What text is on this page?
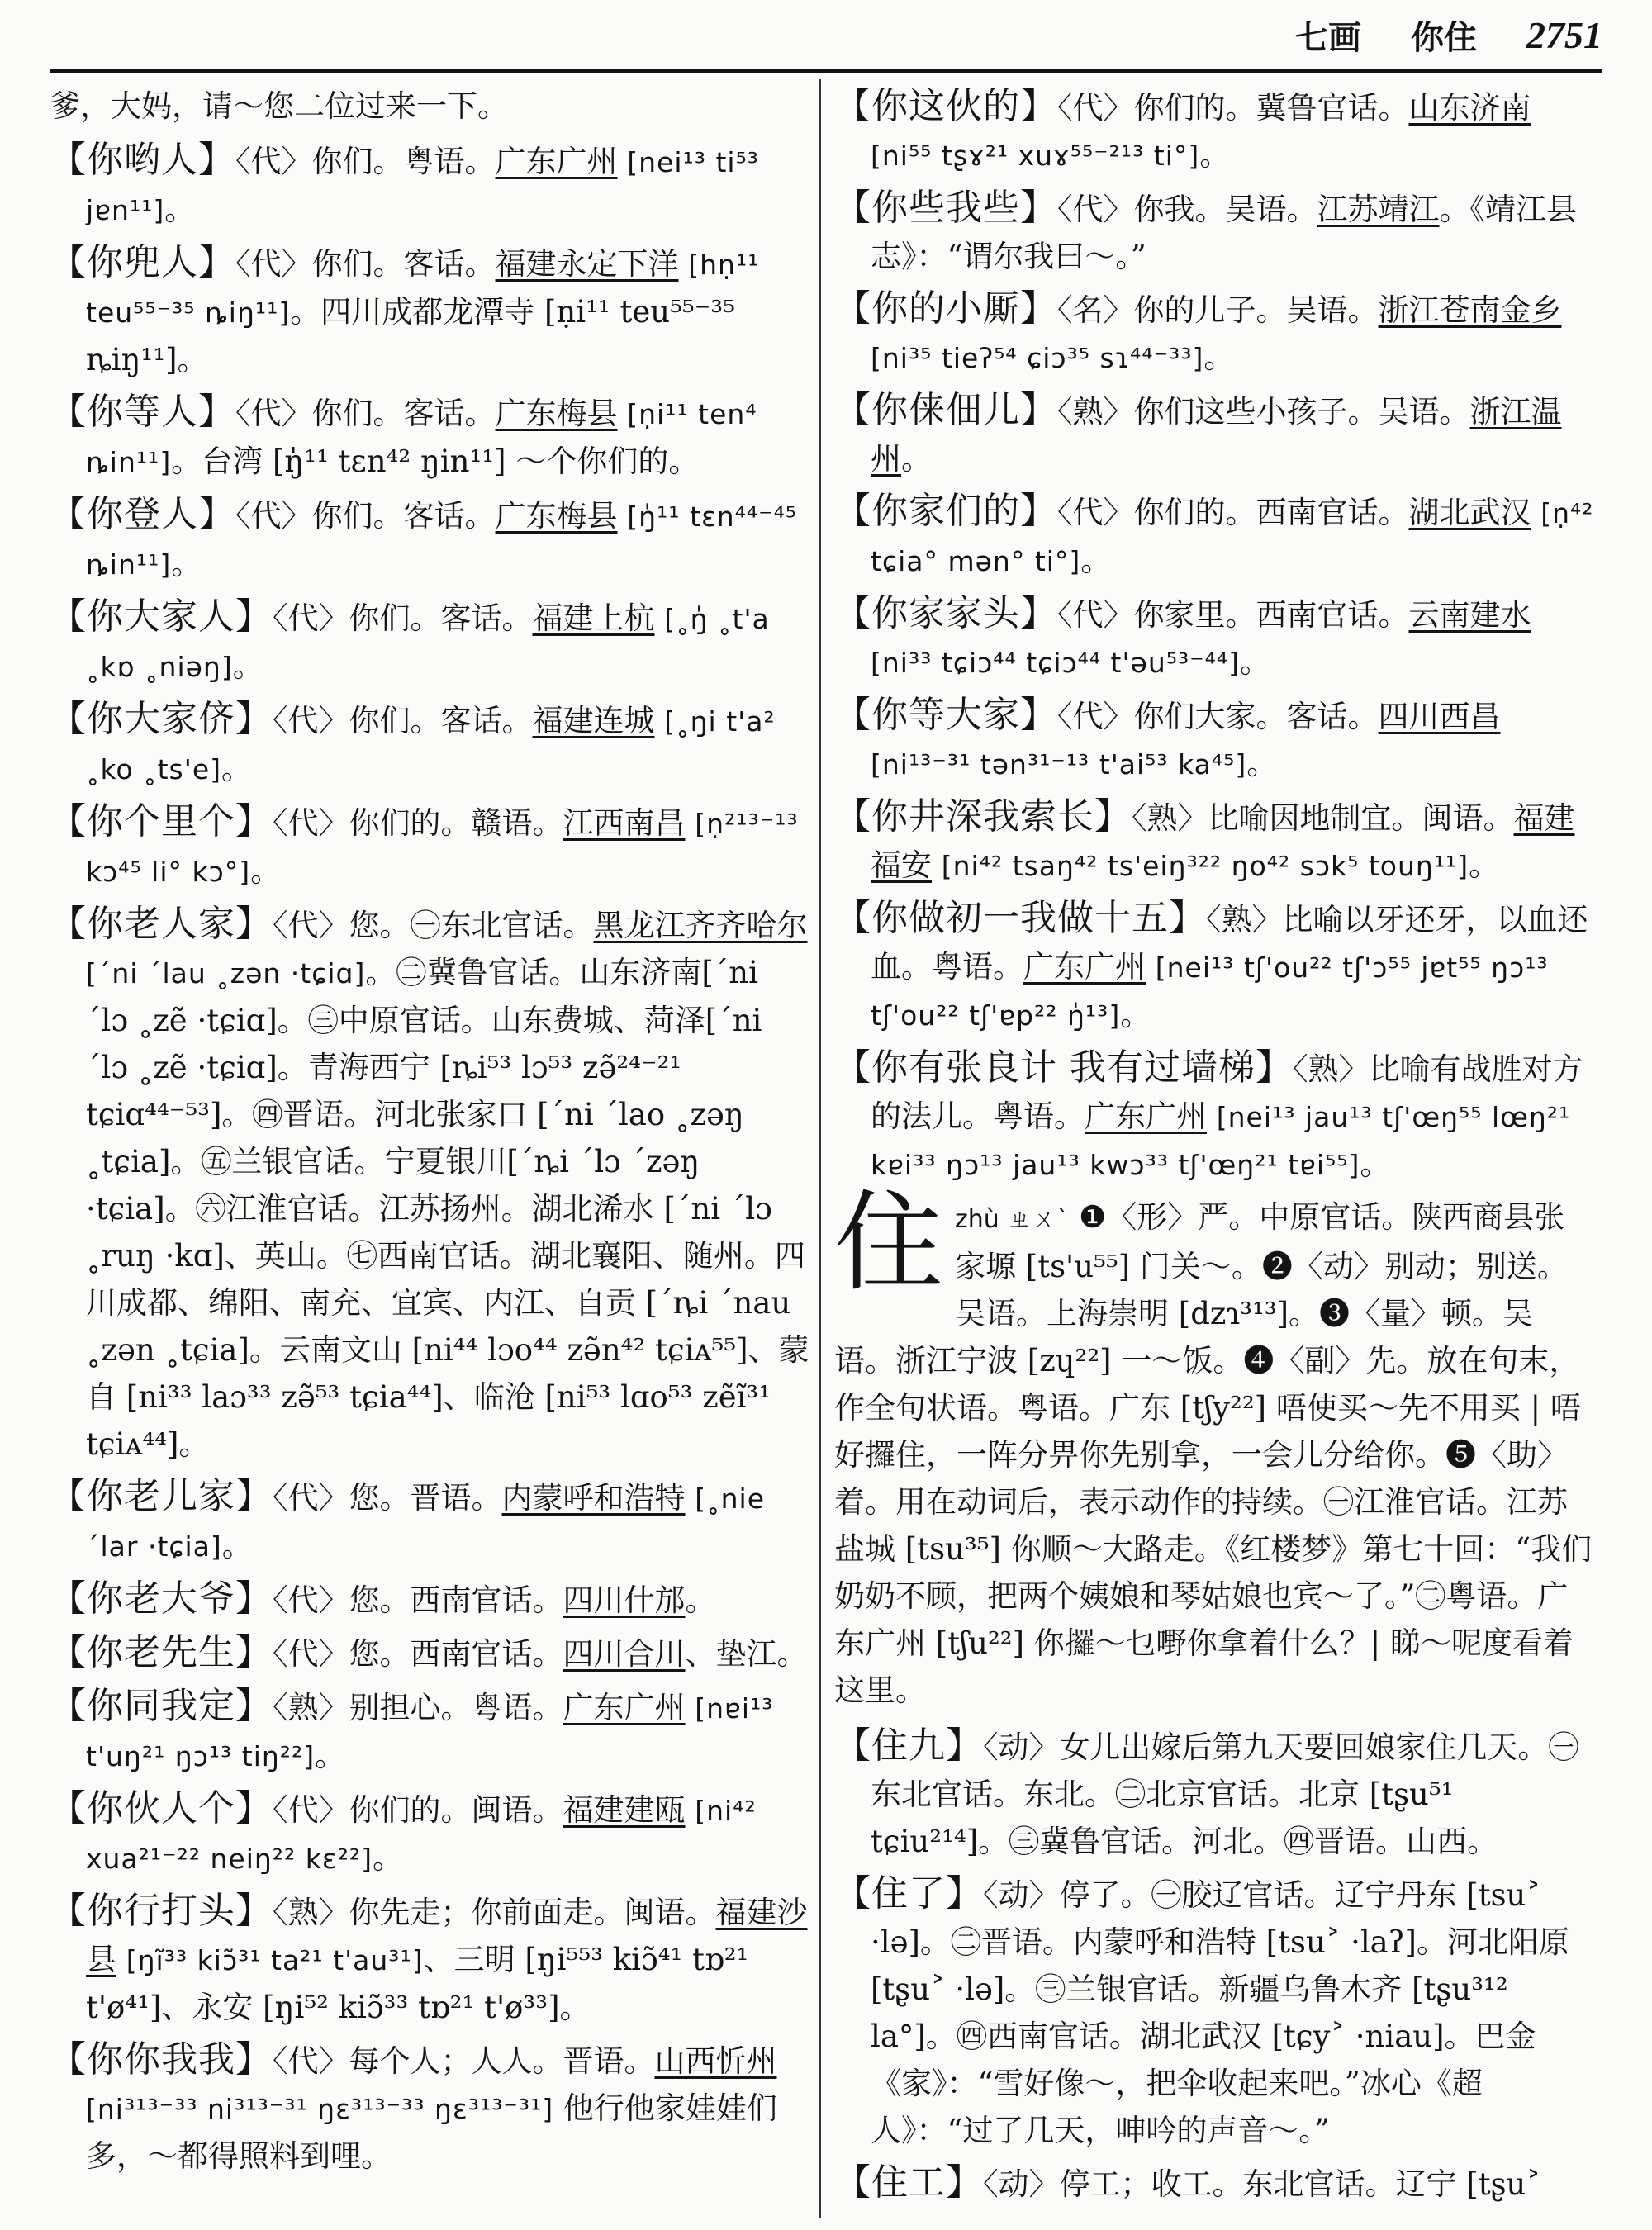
七画 你住 2751

爹，大妈，请～您二位过来一下。

【你哟人】〈代〉你们。粤语。广东广州 [nei¹³ ti⁵³ jɐn¹¹]。

【你兜人】〈代〉你们。客话。福建永定下洋 [hṇ¹¹ teu⁵⁵⁻³⁵ ȵiŋ¹¹]。四川成都龙潭寺 [ṇi¹¹ teu⁵⁵⁻³⁵ ȵiŋ¹¹]。

【你等人】〈代〉你们。客话。广东梅县 [ṇi¹¹ ten⁴ ȵin¹¹]。台湾 [ŋ̍¹¹ tɛn⁴² ŋin¹¹] ～个你们的。

【你登人】〈代〉你们。客话。广东梅县 [ŋ̍¹¹ tɛn⁴⁴⁻⁴⁵ ȵin¹¹]。

【你大家人】〈代〉你们。客话。福建上杭 [˳ŋ̍ ˳t'a ˳kɒ ˳niəŋ]。

【你大家侪】〈代〉你们。客话。福建连城 [˳ŋi t'a² ˳ko ˳ts'e]。

【你个里个】〈代〉你们的。赣语。江西南昌 [ṇ²¹³⁻¹³ kɔ⁴⁵ li° kɔ°]。

【你老人家】〈代〉您。㊀东北官话。黑龙江齐齐哈尔 [ˊni ˊlau ˳zən ·tɕiɑ]。㊁冀鲁官话。山东济南[ˊni ˊlɔ ˳zẽ ·tɕiɑ]。㊂中原官话。山东费城、菏泽[ˊni ˊlɔ ˳zẽ ·tɕiɑ]。青海西宁 [ȵi⁵³ lɔ⁵³ zə̃²⁴⁻²¹ tɕiɑ⁴⁴⁻⁵³]。㊃晋语。河北张家口 [ˊni ˊlao ˳zəŋ ˳tɕia]。㊄兰银官话。宁夏银川[ˊȵi ˊlɔ ˊzəŋ ·tɕia]。㊅江淮官话。江苏扬州。湖北浠水 [ˊni ˊlɔ ˳ruŋ ·kɑ]、英山。㊆西南官话。湖北襄阳、随州。四川成都、绵阳、南充、宜宾、内江、自贡 [ˊȵi ˊnau ˳zən ˳tɕia]。云南文山 [ni⁴⁴ lɔo⁴⁴ zə̃n⁴² tɕiᴀ⁵⁵]、蒙自 [ni³³ laɔ³³ zə̃⁵³ tɕia⁴⁴]、临沧 [ni⁵³ lɑo⁵³ zẽĩ³¹ tɕiᴀ⁴⁴]。

【你老儿家】〈代〉您。晋语。内蒙呼和浩特 [˳nie ˊlar ·tɕia]。

【你老大爷】〈代〉您。西南官话。四川什邡。

【你老先生】〈代〉您。西南官话。四川合川、垫江。

【你同我定】〈熟〉别担心。粤语。广东广州 [nɐi¹³ t'uŋ²¹ ŋɔ¹³ tiŋ²²]。

【你伙人个】〈代〉你们的。闽语。福建建瓯 [ni⁴² xua²¹⁻²² neiŋ²² kɛ²²]。

【你行打头】〈熟〉你先走；你前面走。闽语。福建沙县 [ŋĩ³³ kiɔ̃³¹ ta²¹ t'au³¹]、三明 [ŋi⁵⁵³ kiɔ̃⁴¹ tɒ²¹ t'ø⁴¹]、永安 [ŋi⁵² kiɔ̃³³ tɒ²¹ t'ø³³]。

【你你我我】〈代〉每个人；人人。晋语。山西忻州 [ni³¹³⁻³³ ni³¹³⁻³¹ ŋɛ³¹³⁻³³ ŋɛ³¹³⁻³¹] 他行他家娃娃们多，～都得照料到哩。

【你这伙的】〈代〉你们的。冀鲁官话。山东济南 [ni⁵⁵ tʂɤ²¹ xuɤ⁵⁵⁻²¹³ ti°]。

【你些我些】〈代〉你我。吴语。江苏靖江。《靖江县志》：“谓尔我曰～。”

【你的小厮】〈名〉你的儿子。吴语。浙江苍南金乡 [ni³⁵ tieʔ⁵⁴ ɕiɔ³⁵ sɿ⁴⁴⁻³³]。

【你俫佃儿】〈熟〉你们这些小孩子。吴语。浙江温州。

【你家们的】〈代〉你们的。西南官话。湖北武汉 [ṇ⁴² tɕia° mən° ti°]。

【你家家头】〈代〉你家里。西南官话。云南建水 [ni³³ tɕiɔ⁴⁴ tɕiɔ⁴⁴ t'əu⁵³⁻⁴⁴]。

【你等大家】〈代〉你们大家。客话。四川西昌 [ni¹³⁻³¹ tən³¹⁻¹³ t'ai⁵³ ka⁴⁵]。

【你井深我索长】〈熟〉比喻因地制宜。闽语。福建福安 [ni⁴² tsaŋ⁴² ts'eiŋ³²² ŋo⁴² sɔk⁵ touŋ¹¹]。

【你做初一我做十五】〈熟〉比喻以牙还牙，以血还血。粤语。广东广州 [nei¹³ tʃ'ou²² tʃ'ɔ⁵⁵ jɐt⁵⁵ ŋɔ¹³ tʃ'ou²² tʃ'ɐp²² ŋ̍¹³]。

【你有张良计 我有过墙梯】〈熟〉比喻有战胜对方的法儿。粤语。广东广州 [nei¹³ jau¹³ tʃ'œŋ⁵⁵ lœŋ²¹ kɐi³³ ŋɔ¹³ jau¹³ kwɔ³³ tʃ'œŋ²¹ tɐi⁵⁵]。

住 zhù ㄓㄨˋ ❶〈形〉严。中原官话。陕西商县张家塬 [ts'u⁵⁵] 门关～。❷〈动〉别动；别送。吴语。上海崇明 [dzɿ³¹³]。❸〈量〉顿。吴语。浙江宁波 [zɥ²²] 一～饭。❹〈副〉先。放在句末，作全句状语。粤语。广东 [tʃy²²] 唔使买～先不用买 | 唔好攞住，一阵分畀你先别拿，一会儿分给你。❺〈助〉着。用在动词后，表示动作的持续。㊀江淮官话。江苏盐城 [tsu³⁵] 你顺～大路走。《红楼梦》第七十回：“我们奶奶不顾，把两个姨娘和琴姑娘也宾～了。”㊁粤语。广东广州 [tʃu²²] 你攞～乜嘢你拿着什么？| 睇～呢度看着这里。

【住九】〈动〉女儿出嫁后第九天要回娘家住几天。㊀东北官话。东北。㊁北京官话。北京 [tʂu⁵¹ tɕiu²¹⁴]。㊂冀鲁官话。河北。㊃晋语。山西。

【住了】〈动〉停了。㊀胶辽官话。辽宁丹东 [tsu˃ ·lə]。㊁晋语。内蒙呼和浩特 [tsu˃ ·laʔ]。河北阳原 [tʂu˃ ·lə]。㊂兰银官话。新疆乌鲁木齐 [tʂu³¹² la°]。㊃西南官话。湖北武汉 [tɕy˃ ·niau]。巴金《家》：“雪好像～，把伞收起来吧。”冰心《超人》：“过了几天，呻吟的声音～。”

【住工】〈动〉停工；收工。东北官话。辽宁 [tʂu˃
